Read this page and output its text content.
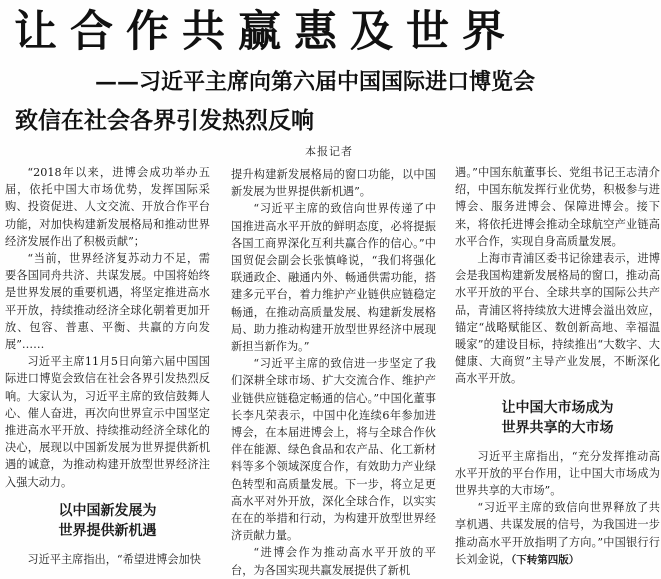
让合作共赢惠及世界
——习近平主席向第六届中国国际进口博览会
致信在社会各界引发热烈反响
本报记者

“2018年以来，进博会成功举办五届，依托中国大市场优势，发挥国际采购、投资促进、人文交流、开放合作平台功能，对加快构建新发展格局和推动世界经济发展作出了积极贡献”；

“当前，世界经济复苏动力不足，需要各国同舟共济、共谋发展。中国将始终是世界发展的重要机遇，将坚定推进高水平开放，持续推动经济全球化朝着更加开放、包容、普惠、平衡、共赢的方向发展”……

习近平主席11月5日向第六届中国国际进口博览会致信在社会各界引发热烈反响。大家认为，习近平主席的致信鼓舞人心、催人奋进，再次向世界宣示中国坚定推进高水平开放、持续推动经济全球化的决心，展现以中国新发展为世界提供新机遇的诚意，为推动构建开放型世界经济注入强大动力。

以中国新发展为
世界提供新机遇

习近平主席指出，“希望进博会加快

提升构建新发展格局的窗口功能，以中国新发展为世界提供新机遇”。

“习近平主席的致信向世界传递了中国推进高水平开放的鲜明态度，必将提振各国工商界深化互利共赢合作的信心。”中国贸促会副会长张慎峰说，“我们将强化联通政企、融通内外、畅通供需功能，搭建多元平台，着力维护产业链供应链稳定畅通，在推动高质量发展、构建新发展格局、助力推动构建开放型世界经济中展现新担当新作为。”

“习近平主席的致信进一步坚定了我们深耕全球市场、扩大交流合作、维护产业链供应链稳定畅通的信心。”中国化董事长李凡荣表示，中国中化连续6年参加进博会，在本届进博会上，将与全球合作伙伴在能源、绿色食品和农产品、化工新材料等多个领域深度合作，有效助力产业绿色转型和高质量发展。下一步，将立足更高水平对外开放，深化全球合作，以实实在在的举措和行动，为构建开放型世界经济贡献力量。

“进博会作为推动高水平开放的平台，为各国实现共赢发展提供了新机

遇。”中国东航董事长、党组书记王志清介绍，中国东航发挥行业优势，积极参与进博会、服务进博会、保障进博会。接下来，将依托进博会推动全球航空产业链高水平合作，实现自身高质量发展。

上海市青浦区委书记徐建表示，进博会是我国构建新发展格局的窗口，推动高水平开放的平台、全球共享的国际公共产品，青浦区将持续放大进博会溢出效应，锚定“战略赋能区、数创新高地、幸福温暖家”的建设目标，持续推出“大数字、大健康、大商贸”主导产业发展，不断深化高水平开放。

让中国大市场成为
世界共享的大市场

习近平主席指出，“充分发挥推动高水平开放的平台作用，让中国大市场成为世界共享的大市场”。

“习近平主席的致信向世界释放了共享机遇、共谋发展的信号，为我国进一步推动高水平开放指明了方向。”中国银行行长刘金说，（下转第四版）
